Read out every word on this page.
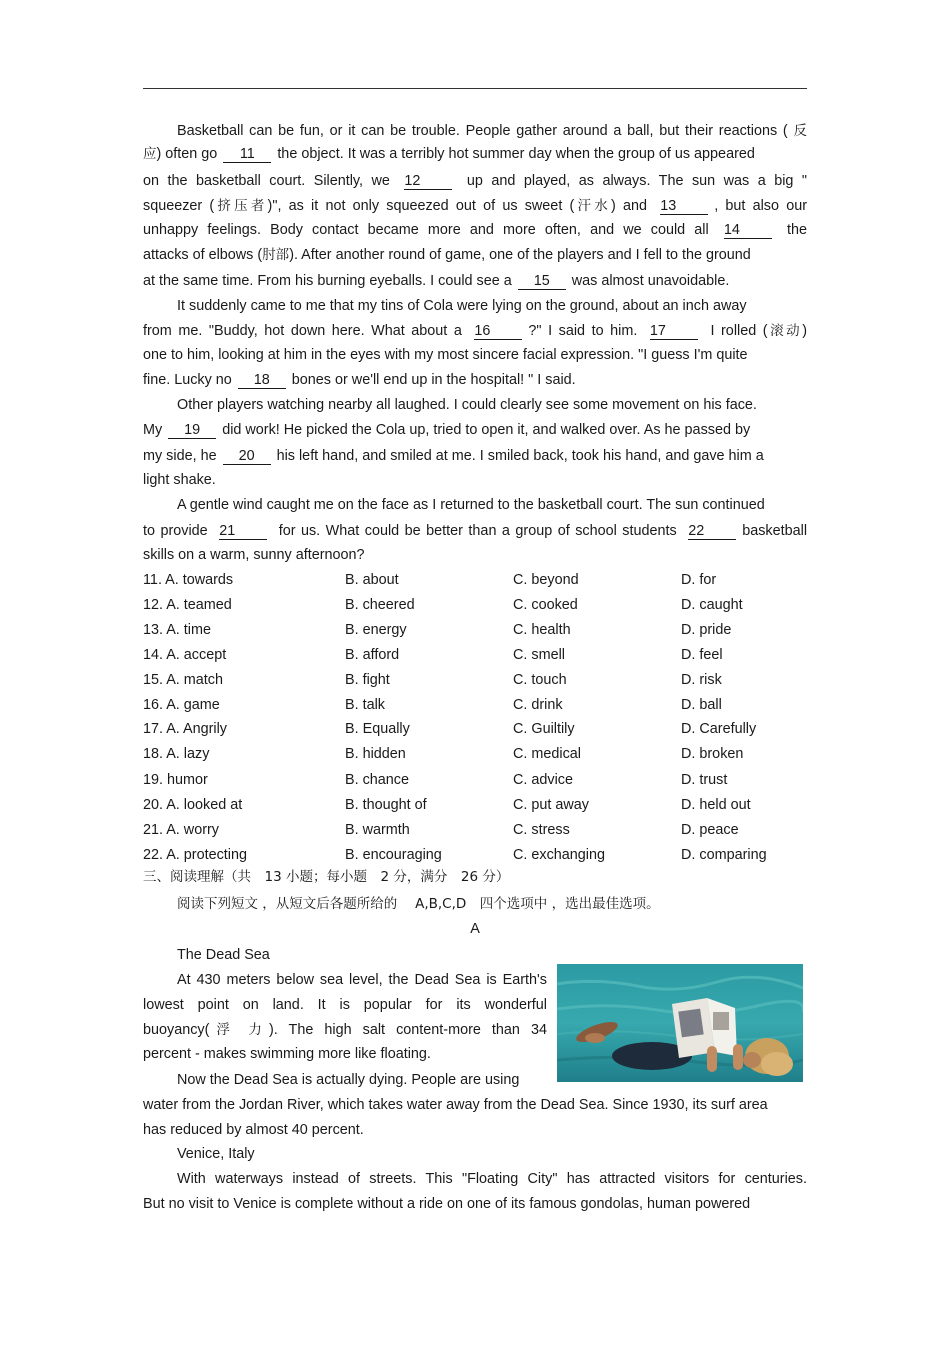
Basketball can be fun, or it can be trouble. People gather around a ball, but their reactions ( 反
应) often go 11 the object. It was a terribly hot summer day when the group of us appeared
on the basketball court. Silently, we 12	up and played, as always. The sun was a big "
squeezer (挤压者)", as it not only squeezed out of us sweet (汗水) and 13	, but also our
unhappy feelings. Body contact became more and more often, and we could all 14	the
attacks of elbows (肘部). After another round of game, one of the players and I fell to the ground
at the same time. From his burning eyeballs. I could see a 15 was almost unavoidable.
It suddenly came to me that my tins of Cola were lying on the ground, about an inch away
from me. "Buddy, hot down here. What about a 16	?" I said to him. 17	I rolled (滚动)
one to him, looking at him in the eyes with my most sincere facial expression. "I guess I'm quite
fine. Lucky no 18 bones or we'll end up in the hospital! " I said.
Other players watching nearby all laughed. I could clearly see some movement on his face.
My 19 did work! He picked the Cola up, tried to open it, and walked over. As he passed by
my side, he 20 his left hand, and smiled at me. I smiled back, took his hand, and gave him a
light shake.
A gentle wind caught me on the face as I returned to the basketball court. The sun continued
to provide 21	for us. What could be better than a group of school students 22	basketball
skills on a warm, sunny afternoon?
11. A. towards	B. about	C. beyond	D. for
12. A. teamed	B. cheered	C. cooked	D. caught
13. A. time	B. energy	C. health	D. pride
14. A. accept	B. afford	C. smell	D. feel
15. A. match	B. fight	C. touch	D. risk
16. A. game	B. talk	C. drink	D. ball
17. A. Angrily	B. Equally	C. Guiltily	D. Carefully
18. A. lazy	B. hidden	C. medical	D. broken
19. humor	B. chance	C. advice	D. trust
20. A. looked at	B. thought of	C. put away	D. held out
21. A. worry	B. warmth	C. stress	D. peace
22. A. protecting	B. encouraging	C. exchanging	D. comparing
三、阅读理解（共　13 小题；每小题　2 分，满分　26 分）
阅读下列短文 ，从短文后各题所给的　 A,B,C,D　四个选项中 ，选出最佳选项。
A
The Dead Sea
At 430 meters below sea level, the Dead Sea is Earth's
lowest point on land. It is popular for its wonderful
buoyancy(浮 力). The high salt content-more than 34
percent - makes swimming more like floating.
Now the Dead Sea is actually dying. People are using
water from the Jordan River, which takes water away from the Dead Sea. Since 1930, its surf area
has reduced by almost 40 percent.
Venice, Italy
With waterways instead of streets. This "Floating City" has attracted visitors for centuries.
But no visit to Venice is complete without a ride on one of its famous gondolas, human powered
